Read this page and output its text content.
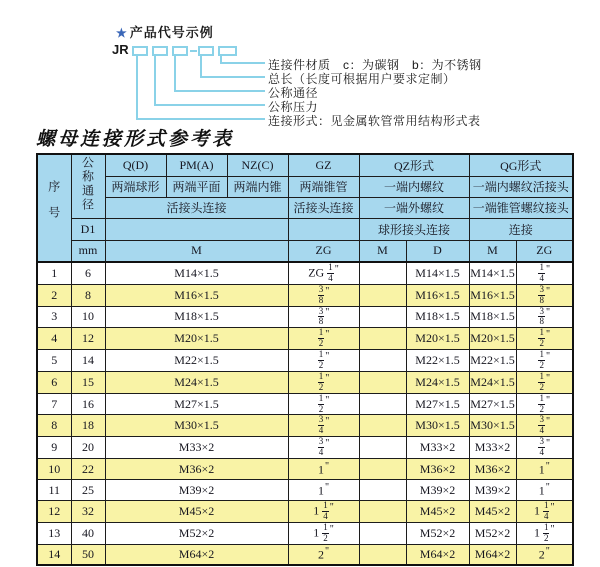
★ 产品代号示例
JR
连接件材质　c：为碳钢　b：为不锈钢
总长（长度可根据用户要求定制）
公称通径
公称压力
连接形式：见金属软管常用结构形式表
螺母连接形式参考表
序号	公称通径	Q(D)	PM(A)	NZ(C)	GZ	QZ形式		QG形式	
		两端球形	两端平面	两端内锥	两端锥管	一端内螺纹		一端内螺纹活接头	
		活接头连接			活接头连接	一端外螺纹		一端锥管螺纹接头	
	D1					球形接头连接		连接	
	mm	M			ZG	M	D	M	ZG
1	6	M14×1.5			ZG $\frac{1}{4} ^"$		M14×1.5	M14×1.5	$\frac{1}{4} ^"$
2	8	M16×1.5			$\frac{3}{8} ^"$		M16×1.5	M16×1.5	$\frac{3}{8} ^"$
3	10	M18×1.5			$\frac{3}{8} ^"$		M18×1.5	M18×1.5	$\frac{3}{8} ^"$
4	12	M20×1.5			$\frac{1}{2} ^"$		M20×1.5	M20×1.5	$\frac{1}{2} ^"$
5	14	M22×1.5			$\frac{1}{2} ^"$		M22×1.5	M22×1.5	$\frac{1}{2} ^"$
6	15	M24×1.5			$\frac{1}{2} ^"$		M24×1.5	M24×1.5	$\frac{1}{2} ^"$
7	16	M27×1.5			$\frac{1}{2} ^"$		M27×1.5	M27×1.5	$\frac{1}{2} ^"$
8	18	M30×1.5			$\frac{3}{4} ^"$		M30×1.5	M30×1.5	$\frac{3}{4} ^"$
9	20	M33×2			$\frac{3}{4} ^"$		M33×2	M33×2	$\frac{3}{4} ^"$
10	22	M36×2			1"		M36×2	M36×2	1"
11	25	M39×2			1"		M39×2	M39×2	1"
12	32	M45×2			$1 \frac{1}{4} ^"$		M45×2	M45×2	$1 \frac{1}{4} ^"$
13	40	M52×2			$1 \frac{1}{2} ^"$		M52×2	M52×2	$1 \frac{1}{2} ^"$
14	50	M64×2			2"		M64×2	M64×2	2"
